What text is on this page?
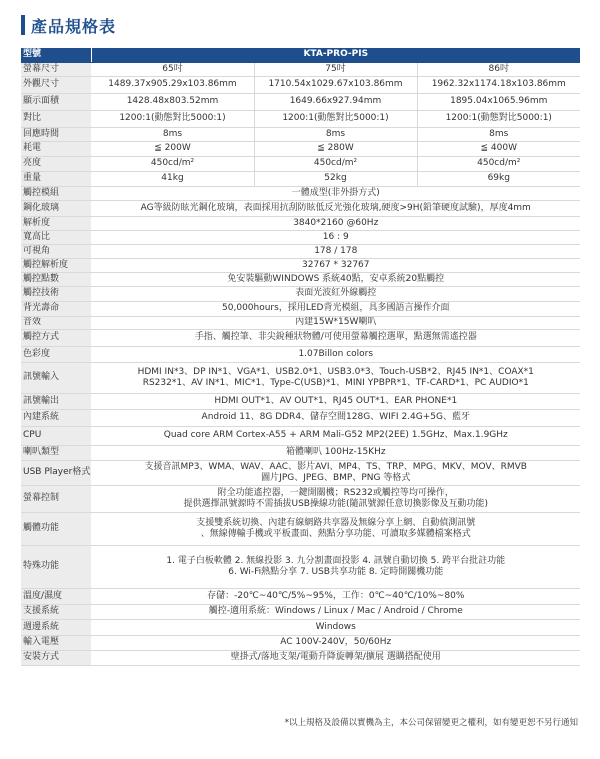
產品規格表
型號	KTA-PRO-PIS		
螢幕尺寸	65吋	75吋	86吋
外觀尺寸	1489.37x905.29x103.86mm	1710.54x1029.67x103.86mm	1962.32x1174.18x103.86mm
顯示面積	1428.48x803.52mm	1649.66x927.94mm	1895.04x1065.96mm
對比	1200:1(動態對比5000:1)	1200:1(動態對比5000:1)	1200:1(動態對比5000:1)
回應時間	8ms	8ms	8ms
耗電	≦ 200W	≦ 280W	≦ 400W
亮度	450cd/m²	450cd/m²	450cd/m²
重量	41kg	52kg	69kg
觸控模組	一體成型(非外掛方式)		

鋼化玻璃	AG等級防眩光鋼化玻璃，表面採用抗刮防眩低反光強化玻璃,硬度>9H(鉛筆硬度試驗)，厚度4mm		

解析度	3840*2160 @60Hz		

寬高比	16 : 9		

可視角	178 / 178		

觸控解析度	32767 * 32767		

觸控點數	免安裝驅動WINDOWS 系統40點，安卓系統20點觸控		

觸控技術	表面光波紅外線觸控		

背光壽命	50,000hours，採用LED背光模組，具多國語言操作介面		

音效	內建15W*15W喇叭		

觸控方式	手指、觸控筆、非尖銳種狀物體/可使用螢幕觸控選單，點選無需遙控器		

色彩度	1.07Billon colors		

訊號輸入	HDMI IN*3、DP IN*1、VGA*1、USB2.0*1、USB3.0*3、Touch-USB*2、RJ45 IN*1、COAX*1
RS232*1、AV IN*1、MIC*1、Type-C(USB)*1、MINI YPBPR*1、TF-CARD*1、PC AUDIO*1		

訊號輸出	HDMI OUT*1、AV OUT*1、RJ45 OUT*1、EAR PHONE*1		

內建系統	Android 11、8G DDR4、儲存空間128G、WIFI 2.4G+5G、藍牙		

CPU	Quad core ARM Cortex-A55 + ARM Mali-G52 MP2(2EE) 1.5GHz、Max.1.9GHz		

喇叭類型	箱體喇叭 100Hz-15KHz		

USB Player格式	支援音訊MP3、WMA、WAV、AAC、影片AVI、MP4、TS、TRP、MPG、MKV、MOV、RMVB
圖片JPG、JPEG、BMP、PNG 等格式		

螢幕控制	附全功能遙控器，一鍵開關機；RS232或觸控等均可操作，
提供選擇訊號源時不需插拔USB操線功能(隨訊號源任意切換影像及互動功能)		

觸體功能	支援雙系統切換、內建有線網路共享器及無線分享上網、自動偵測訊號
、無線傳輸手機或平板畫面、熱點分享功能、可讀取多媒體檔案格式		

特殊功能	1. 電子白板軟體 2. 無線投影 3. 九分割畫面投影 4. 訊號自動切換 5. 跨平台批註功能
6. Wi-Fi熱點分享 7. USB共享功能 8. 定時開關機功能		

溫度/濕度	存儲：-20℃~40℃/5%~95%，工作：0℃~40℃/10%~80%		

支援系統	觸控-適用系統：Windows / Linux / Mac / Android / Chrome		

週邊系統	Windows		

輸入電壓	AC 100V-240V，50/60Hz		

安裝方式	壁掛式/落地支架/電動升降旋轉架/擴展 選購搭配使用		
*以上規格及設備以實機為主，本公司保留變更之權利，如有變更恕不另行通知
